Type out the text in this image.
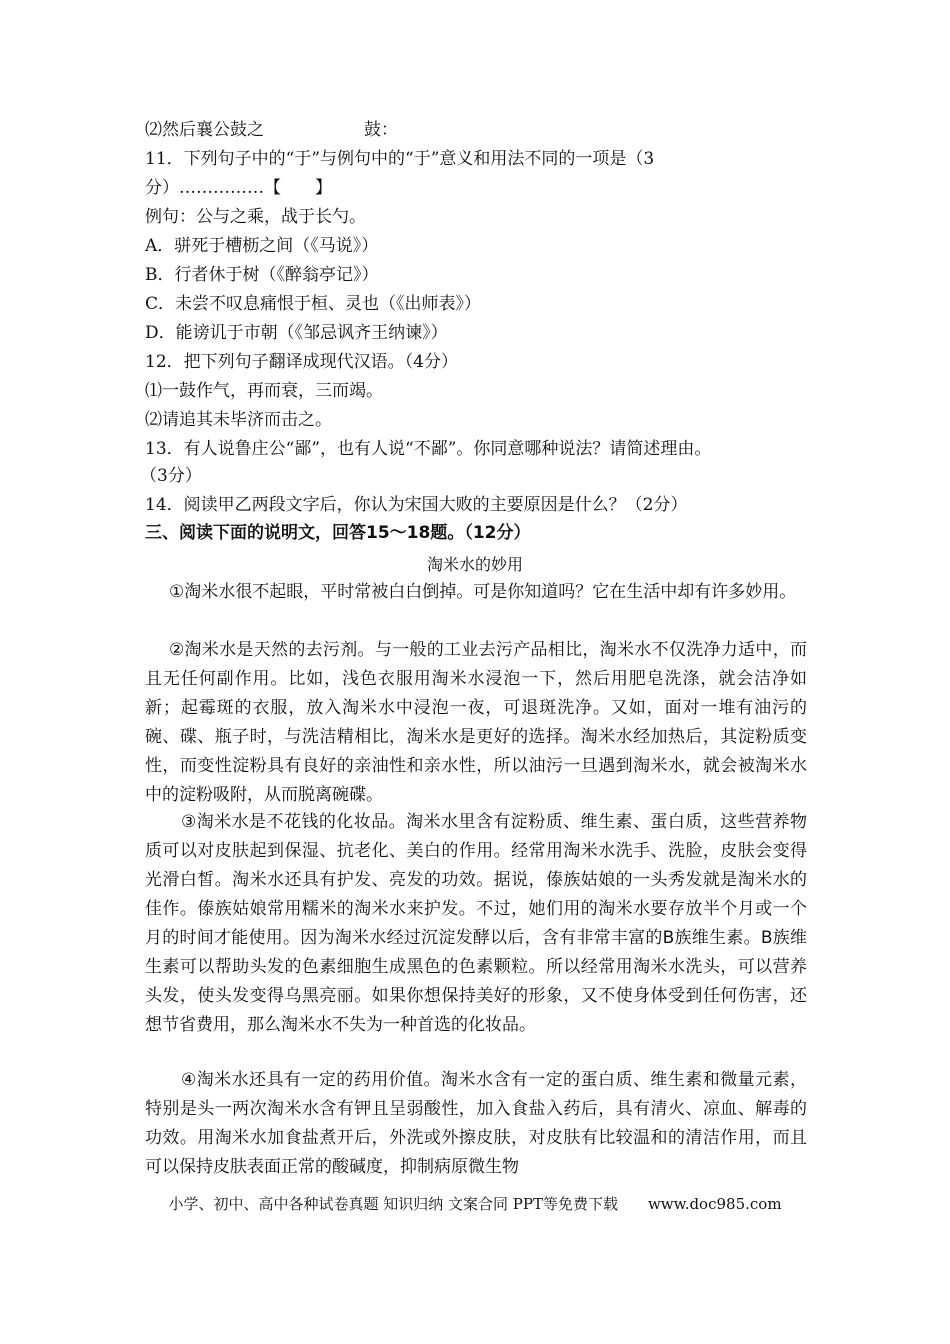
⑵然后襄公鼓之	鼓：
11．下列句子中的“于”与例句中的“于”意义和用法不同的一项是（3
分）……………【　　】
例句：公与之乘，战于长勺。
A．骈死于槽枥之间（《马说》）
B．行者休于树（《醉翁亭记》）
C．未尝不叹息痛恨于桓、灵也（《出师表》）
D．能谤讥于市朝（《邹忌讽齐王纳谏》）
12．把下列句子翻译成现代汉语。（4分）
⑴一鼓作气，再而衰，三而竭。
⑵请追其未毕济而击之。
13．有人说鲁庄公“鄙”，也有人说“不鄙”。你同意哪种说法？请简述理由。
（3分）
14．阅读甲乙两段文字后，你认为宋国大败的主要原因是什么？（2分）
三、阅读下面的说明文，回答15～18题。（12分）
淘米水的妙用
①淘米水很不起眼，平时常被白白倒掉。可是你知道吗？它在生活中却有许多妙用。
②淘米水是天然的去污剂。与一般的工业去污产品相比，淘米水不仅洗净力适中，而且无任何副作用。比如，浅色衣服用淘米水浸泡一下，然后用肥皂洗涤，就会洁净如新；起霉斑的衣服，放入淘米水中浸泡一夜，可退斑洗净。又如，面对一堆有油污的碗、碟、瓶子时，与洗洁精相比，淘米水是更好的选择。淘米水经加热后，其淀粉质变性，而变性淀粉具有良好的亲油性和亲水性，所以油污一旦遇到淘米水，就会被淘米水中的淀粉吸附，从而脱离碗碟。
③淘米水是不花钱的化妆品。淘米水里含有淀粉质、维生素、蛋白质，这些营养物质可以对皮肤起到保湿、抗老化、美白的作用。经常用淘米水洗手、洗脸，皮肤会变得光滑白皙。淘米水还具有护发、亮发的功效。据说，傣族姑娘的一头秀发就是淘米水的佳作。傣族姑娘常用糯米的淘米水来护发。不过，她们用的淘米水要存放半个月或一个月的时间才能使用。因为淘米水经过沉淀发酵以后，含有非常丰富的B族维生素。B族维生素可以帮助头发的色素细胞生成黑色的色素颗粒。所以经常用淘米水洗头，可以营养头发，使头发变得乌黑亮丽。如果你想保持美好的形象，又不使身体受到任何伤害，还想节省费用，那么淘米水不失为一种首选的化妆品。
④淘米水还具有一定的药用价值。淘米水含有一定的蛋白质、维生素和微量元素，特别是头一两次淘米水含有钾且呈弱酸性，加入食盐入药后，具有清火、凉血、解毒的功效。用淘米水加食盐煮开后，外洗或外擦皮肤，对皮肤有比较温和的清洁作用，而且可以保持皮肤表面正常的酸碱度，抑制病原微生物
小学、初中、高中各种试卷真题 知识归纳 文案合同 PPT等免费下载　　www.doc985.com
